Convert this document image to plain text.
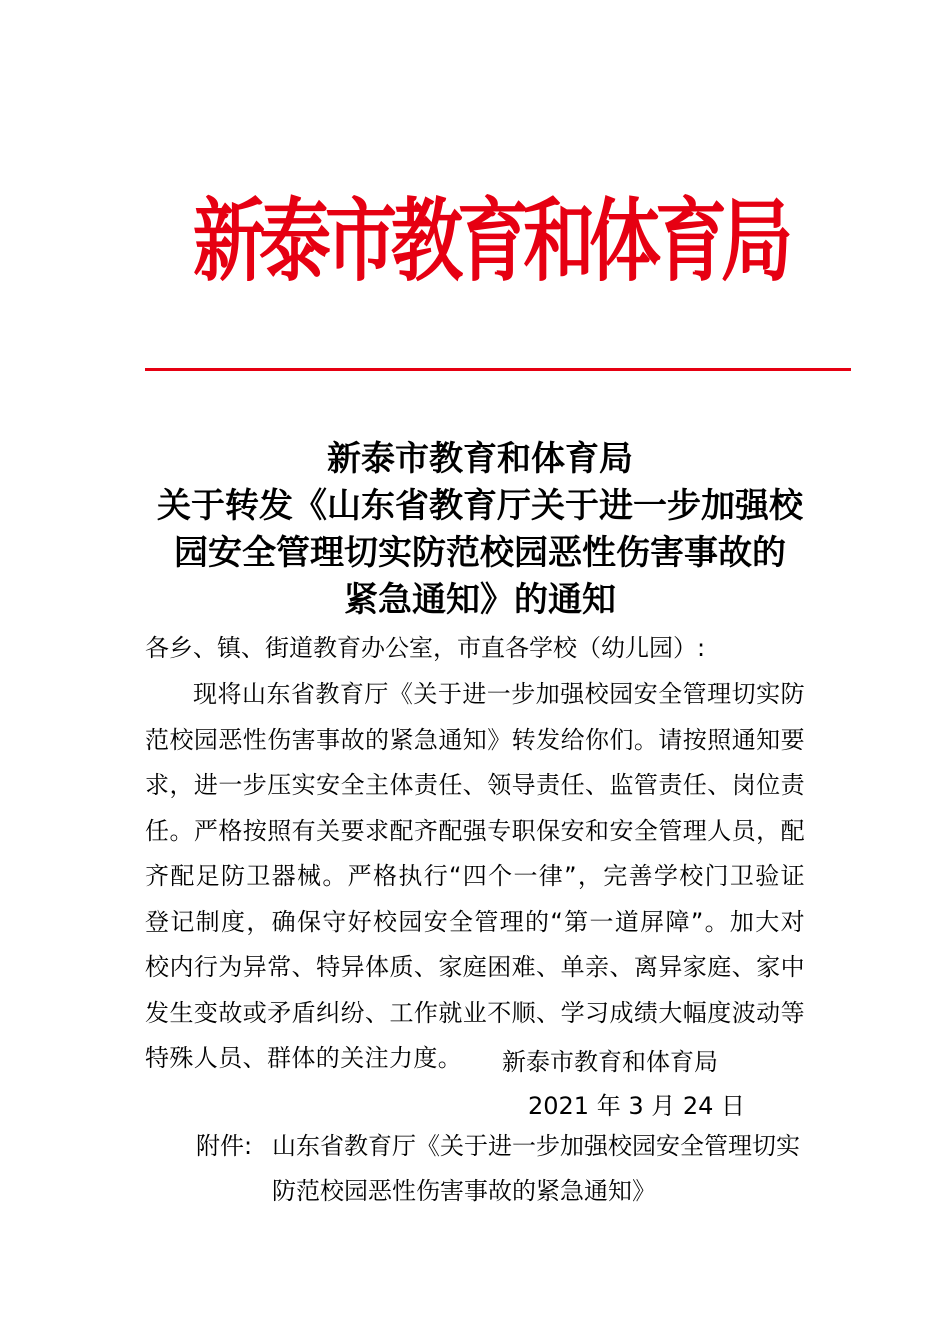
新泰市教育和体育局
新泰市教育和体育局
关于转发《山东省教育厅关于进一步加强校
园安全管理切实防范校园恶性伤害事故的
紧急通知》的通知
各乡、镇、街道教育办公室，市直各学校（幼儿园）:

现将山东省教育厅《关于进一步加强校园安全管理切实防范校园恶性伤害事故的紧急通知》转发给你们。请按照通知要求，进一步压实安全主体责任、领导责任、监管责任、岗位责任。严格按照有关要求配齐配强专职保安和安全管理人员，配齐配足防卫器械。严格执行“四个一律”，完善学校门卫验证登记制度，确保守好校园安全管理的“第一道屏障”。加大对校内行为异常、特异体质、家庭困难、单亲、离异家庭、家中发生变故或矛盾纠纷、工作就业不顺、学习成绩大幅度波动等特殊人员、群体的关注力度。	新泰市教育和体育局
2021 年 3 月 24 日
附件: 山东省教育厅《关于进一步加强校园安全管理切实防范校园恶性伤害事故的紧急通知》
